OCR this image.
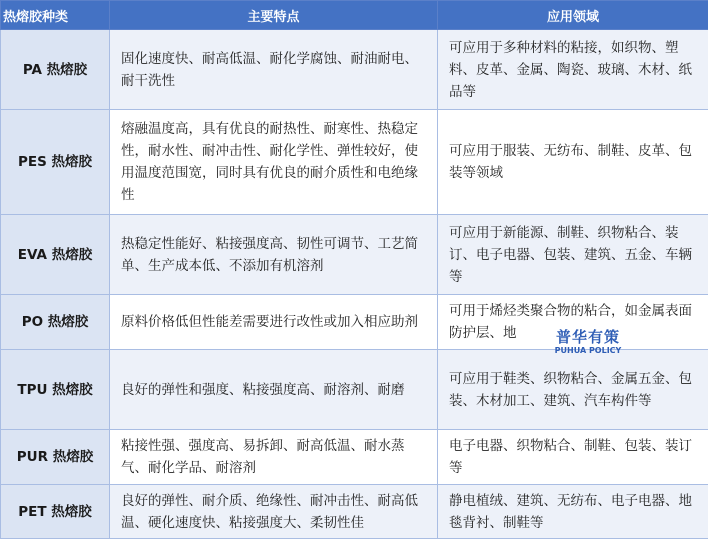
热熔胶种类	主要特点	应用领域
PA 热熔胶	固化速度快、耐高低温、耐化学腐蚀、耐油耐电、耐干洗性	可应用于多种材料的粘接，如织物、塑料、皮革、金属、陶瓷、玻璃、木材、纸品等
PES 热熔胶	熔融温度高，具有优良的耐热性、耐寒性、热稳定性，耐水性、耐冲击性、耐化学性、弹性较好，使用温度范围宽，同时具有优良的耐介质性和电绝缘性	可应用于服装、无纺布、制鞋、皮革、包装等领域
EVA 热熔胶	热稳定性能好、粘接强度高、韧性可调节、工艺简单、生产成本低、不添加有机溶剂	可应用于新能源、制鞋、织物粘合、装订、电子电器、包装、建筑、五金、车辆等
PO 热熔胶	原料价格低但性能差需要进行改性或加入相应助剂	可用于烯烃类聚合物的粘合，如金属表面防护层、地
TPU 热熔胶	良好的弹性和强度、粘接强度高、耐溶剂、耐磨	可应用于鞋类、织物粘合、金属五金、包装、木材加工、建筑、汽车构件等
PUR 热熔胶	粘接性强、强度高、易拆卸、耐高低温、耐水蒸气、耐化学品、耐溶剂	电子电器、织物粘合、制鞋、包装、装订等
PET 热熔胶	良好的弹性、耐介质、绝缘性、耐冲击性、耐高低温、硬化速度快、粘接强度大、柔韧性佳	静电植绒、建筑、无纺布、电子电器、地毯背衬、制鞋等
普华有策
PUHUA POLICY
